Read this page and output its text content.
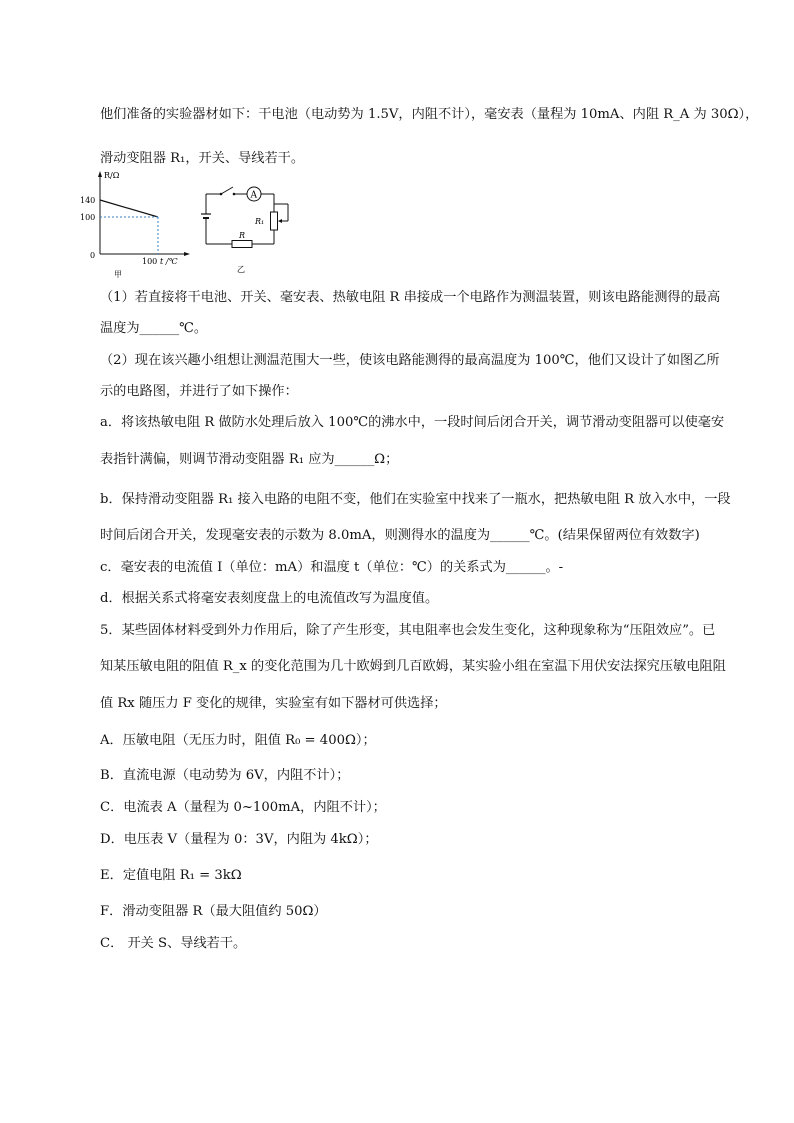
他们准备的实验器材如下：干电池（电动势为 1.5V，内阻不计），毫安表（量程为 10mA、内阻 R_A 为 30Ω），
滑动变阻器 R₁，开关、导线若干。
R/Ω
140
100
0
100 t /℃
甲
A
R₁
R
乙
（1）若直接将干电池、开关、毫安表、热敏电阻 R 串接成一个电路作为测温装置，则该电路能测得的最高
温度为______℃。
（2）现在该兴趣小组想让测温范围大一些，使该电路能测得的最高温度为 100℃，他们又设计了如图乙所
示的电路图，并进行了如下操作：
a．将该热敏电阻 R 做防水处理后放入 100℃的沸水中，一段时间后闭合开关，调节滑动变阻器可以使毫安
表指针满偏，则调节滑动变阻器 R₁ 应为______Ω；
b．保持滑动变阻器 R₁ 接入电路的电阻不变，他们在实验室中找来了一瓶水，把热敏电阻 R 放入水中，一段
时间后闭合开关，发现毫安表的示数为 8.0mA，则测得水的温度为______℃。(结果保留两位有效数字)
c．毫安表的电流值 I（单位：mA）和温度 t（单位：℃）的关系式为______。-
d．根据关系式将毫安表刻度盘上的电流值改写为温度值。
5．某些固体材料受到外力作用后，除了产生形变，其电阻率也会发生变化，这种现象称为“压阻效应”。已
知某压敏电阻的阻值 R_x 的变化范围为几十欧姆到几百欧姆，某实验小组在室温下用伏安法探究压敏电阻阻
值 Rx 随压力 F 变化的规律，实验室有如下器材可供选择；
A．压敏电阻（无压力时，阻值 R₀ = 400Ω）；
B．直流电源（电动势为 6V，内阻不计）；
C．电流表 A（量程为 0~100mA，内阻不计）；
D．电压表 V（量程为 0：3V，内阻为 4kΩ）；
E．定值电阻 R₁ = 3kΩ
F．滑动变阻器 R（最大阻值约 50Ω）
C． 开关 S、导线若干。
